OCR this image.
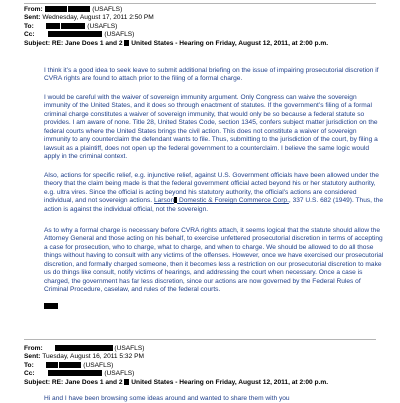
From:	(USAFLS)
Sent: Wednesday, August 17, 2011 2:50 PM
To:	(USAFLS)
Cc:	(USAFLS)
Subject: RE: Jane Does 1 and 2 United States - Hearing on Friday, August 12, 2011, at 2:00 p.m.

I think it’s a good idea to seek leave to submit additional briefing on the issue of impairing prosecutorial discretion if CVRA rights are found to attach prior to the filing of a formal charge.

I would be careful with the waiver of sovereign immunity argument. Only Congress can waive the sovereign immunity of the United States, and it does so through enactment of statutes. If the government’s filing of a formal criminal charge constitutes a waiver of sovereign immunity, that would only be so because a federal statute so provides. I am aware of none. Title 28, United States Code, section 1345, confers subject matter jurisdiction on the federal courts where the United States brings the civil action. This does not constitute a waiver of sovereign immunity to any counterclaim the defendant wants to file. Thus, submitting to the jurisdiction of the court, by filing a lawsuit as a plaintiff, does not open up the federal government to a counterclaim. I believe the same logic would apply in the criminal context.

Also, actions for specific relief, e.g. injunctive relief, against U.S. Government officials have been allowed under the theory that the claim being made is that the federal government official acted beyond his or her statutory authority, e.g. ultra vires. Since the official is acting beyond his statutory authority, the official’s actions are considered individual, and not sovereign actions. Larson Domestic & Foreign Commerce Corp., 337 U.S. 682 (1949). Thus, the action is against the individual official, not the sovereign.

As to why a formal charge is necessary before CVRA rights attach, it seems logical that the statute should allow the Attorney General and those acting on his behalf, to exercise unfettered prosecutorial discretion in terms of accepting a case for prosecution, who to charge, what to charge, and when to charge. We should be allowed to do all those things without having to consult with any victims of the offenses. However, once we have exercised our prosecutorial discretion, and formally charged someone, then it becomes less a restriction on our prosecutorial discretion to make us do things like consult, notify victims of hearings, and addressing the court when necessary. Once a case is charged, the government has far less discretion, since our actions are now governed by the Federal Rules of Criminal Procedure, caselaw, and rules of the federal courts.

From:	(USAFLS)
Sent: Tuesday, August 16, 2011 5:32 PM
To:	(USAFLS)
Cc:	(USAFLS)
Subject: RE: Jane Does 1 and 2 United States - Hearing on Friday, August 12, 2011, at 2:00 p.m.
Hi and I have been browsing some ideas around and wanted to share them with you
